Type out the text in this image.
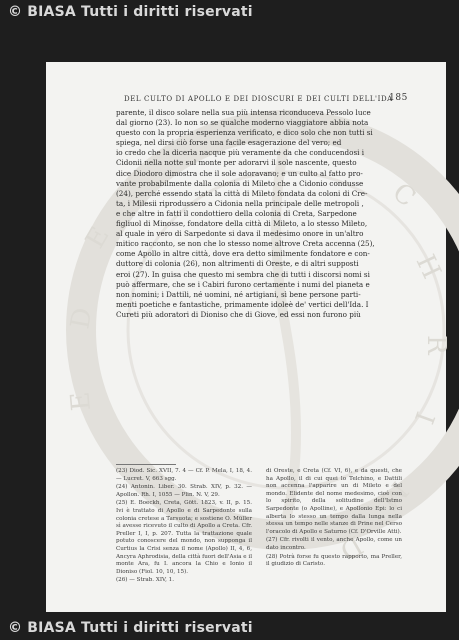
© BIASA Tutti i diritti riservati
C
H
R
I
M
D
E
D
E
DEL CULTO DI APOLLO E DEI DIOSCURI E DEI CULTI DELL'IDA
185
parente, il disco solare nella sua più intensa riconduceva Pessolo luce
dal giorno (23). Io non so se qualche moderno viaggiatore abbia nota
questo con la propria esperienza verificato, e dico solo che non tutti si
spiega, nel dirsi ciò forse una facile esagerazione del vero; ed
io credo che la dicerìa nacque più veramente da che conducendosi i
Cidonii nella notte sul monte per adorarvi il sole nascente, questo
dice Diodoro dimostra che il sole adoravano; e un culto al fatto pro-
vante probabilmente dalla colonia di Mileto che a Cidonio condusse
(24), perché essendo stata la città di Mileto fondata da coloni di Cre-
ta, i Milesii riprodussero a Cidonia nella principale delle metropoli ,
e che altre in fatti il condottiero della colonia di Creta, Sarpedone
figliuol di Minosse, fondatore della città di Mileto, a lo stesso Mileto,
al quale in vero di Sarpedonte si dava il medesimo onore in un'altro
mitico racconto, se non che lo stesso nome altrove Creta accenna (25),
come Apollo in altre città, dove era detto similmente fondatore e con-
duttore di colonia (26), non altrimenti di Oreste, e di altri supposti
eroi (27). In guisa che questo mi sembra che di tutti i discorsi nomi si
può affermare, che se i Cabiri furono certamente i numi del pianeta e
non nomini; i Dattili, né uomini, né artigiani, sì bene persone parti-
menti poetiche e fantastiche, primamente idoleè de' vertici dell'Ida. I
Cureti più adoratori di Dioniso che di Giove, ed essi non furono più

(23) Diod. Sic. XVII, 7. 4 — Cf. P. Mela, I, 18, 4. — Lucret. V, 663 sgg.

(24) Antonin. Liber. 30. Strab. XIV, p. 32. — Apollon. Rh. I, 1055 — Plin. N. V, 29.

(25) E. Boeckh, Creta, Gött. 1823, v. II, p. 15. Ivi è trattato di Apollo e di Sarpedonte sulla colonia cretese a Tarsuota; e sostiene O. Müller sì avesse ricevuto il culto di Apollo a Creta. Cfr. Preller I, I, p. 207. Tutta la trattazione quale potuto conoscere del mondo, non supponga il Curtius la Crisi senza il nome (Apollo) II, 4, 6, Ancyra Aphrodisia, della città fuori dell'Asia e il monte Ara, fu I. ancora la Chio e Ionio il Dioniso (Fiol. 10, 10, 15).

(26) — Strab. XIV, 1.

di Oreste, e Creta (Cf. VI, 6), e da questi, che ha Apollo, il di cui quei lo Telchino, e Dattili non accenna l'apparire un di Mileto e del mondo. Elidente del nome medesimo, cioè con lo spirito, della solitudine dell'Istmo Sarpedonte (o Apolline), e Apollonio Epi: lo ci alberta lo stesso un tempo dalla lunga nella stessa un tempo nelle stanze di Prine nel Cerso l'oracolo di Apollo e Saturno (Cf. D'Orville Atti).

(27) Cfr. rivolti il vento, anche Apollo, come un dato incontro.

(28) Potrà forse fu questo rapporto, ma Preller, il giudizio di Caristo.

© BIASA Tutti i diritti riservati
